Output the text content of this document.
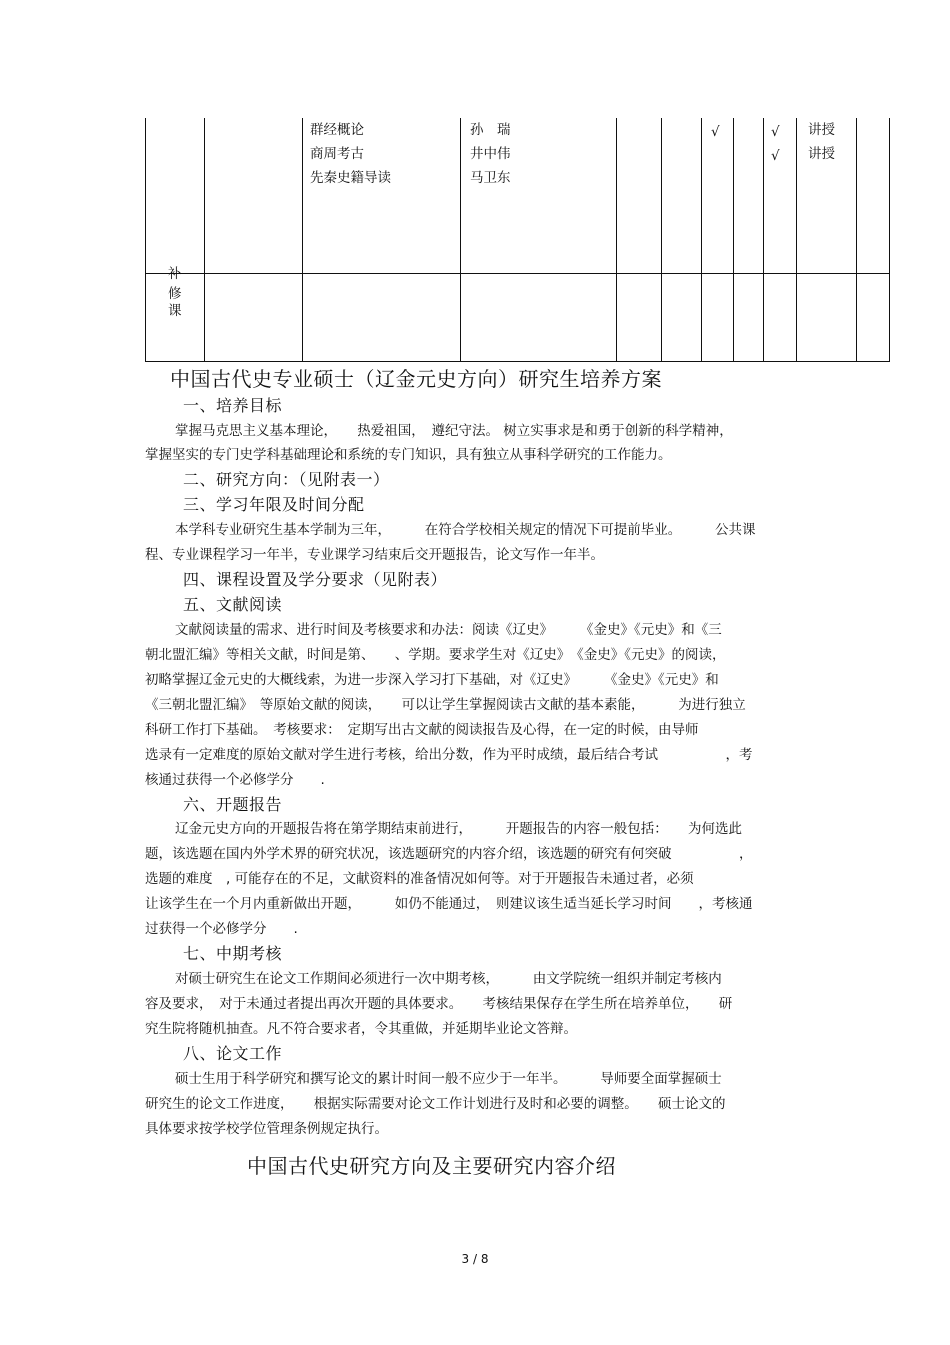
群经概论
商周考古
先秦史籍导读
孙　瑞
井中伟
马卫东
√	√
√
讲授
讲授
补
修
课
中国古代史专业硕士（辽金元史方向）研究生培养方案
一、培养目标
掌握马克思主义基本理论，　　热爱祖国，　遵纪守法。 树立实事求是和勇于创新的科学精神，
掌握坚实的专门史学科基础理论和系统的专门知识，具有独立从事科学研究的工作能力。
二、研究方向：（见附表一）
三、学习年限及时间分配
本学科专业研究生基本学制为三年，　　　在符合学校相关规定的情况下可提前毕业。　　　公共课
程、专业课程学习一年半，专业课学习结束后交开题报告，论文写作一年半。
四、课程设置及学分要求（见附表）
五、文献阅读
文献阅读量的需求、进行时间及考核要求和办法：阅读《辽史》　　　《金史》《元史》和《三
朝北盟汇编》等相关文献，时间是第、　　、学期。要求学生对《辽史》　《金史》《元史》的阅读，
初略掌握辽金元史的大概线索，为进一步深入学习打下基础，对《辽史》　　　《金史》《元史》和
《三朝北盟汇编》　等原始文献的阅读，　　可以让学生掌握阅读古文献的基本素能，　　　为进行独立
科研工作打下基础。　考核要求：　定期写出古文献的阅读报告及心得，在一定的时候，由导师
选录有一定难度的原始文献对学生进行考核，给出分数，作为平时成绩，最后结合考试　　　　　，考
核通过获得一个必修学分　　.
六、开题报告
辽金元史方向的开题报告将在第学期结束前进行，　　　开题报告的内容一般包括：　　为何选此
题，该选题在国内外学术界的研究状况，该选题研究的内容介绍，该选题的研究有何突破　　　　　，
选题的难度　, 可能存在的不足，文献资料的准备情况如何等。对于开题报告未通过者，必须
让该学生在一个月内重新做出开题，　　　如仍不能通过，　则建议该生适当延长学习时间　　，考核通
过获得一个必修学分　　.
七、中期考核
对硕士研究生在论文工作期间必须进行一次中期考核，　　　由文学院统一组织并制定考核内
容及要求，　对于未通过者提出再次开题的具体要求。　　考核结果保存在学生所在培养单位，　　研
究生院将随机抽查。凡不符合要求者，令其重做，并延期毕业论文答辩。
八、论文工作
硕士生用于科学研究和撰写论文的累计时间一般不应少于一年半。　　　导师要全面掌握硕士
研究生的论文工作进度，　　根据实际需要对论文工作计划进行及时和必要的调整。　　硕士论文的
具体要求按学校学位管理条例规定执行。
中国古代史研究方向及主要研究内容介绍
3 / 8
